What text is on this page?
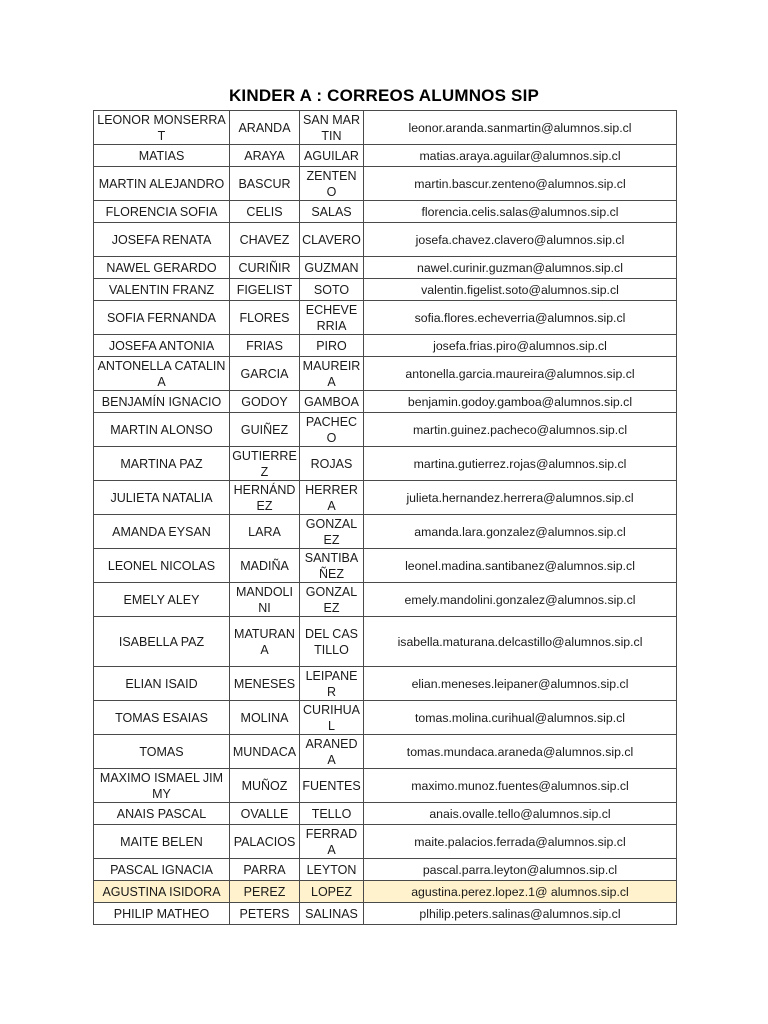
KINDER A : CORREOS ALUMNOS SIP
LEONOR MONSERRAT	ARANDA	SAN MARTIN	leonor.aranda.sanmartin@alumnos.sip.cl
MATIAS	ARAYA	AGUILAR	matias.araya.aguilar@alumnos.sip.cl
MARTIN ALEJANDRO	BASCUR	ZENTENO	martin.bascur.zenteno@alumnos.sip.cl
FLORENCIA SOFIA	CELIS	SALAS	florencia.celis.salas@alumnos.sip.cl
JOSEFA RENATA	CHAVEZ	CLAVERO	josefa.chavez.clavero@alumnos.sip.cl
NAWEL GERARDO	CURIÑIR	GUZMAN	nawel.curinir.guzman@alumnos.sip.cl
VALENTIN FRANZ	FIGELIST	SOTO	valentin.figelist.soto@alumnos.sip.cl
SOFIA FERNANDA	FLORES	ECHEVERRIA	sofia.flores.echeverria@alumnos.sip.cl
JOSEFA ANTONIA	FRIAS	PIRO	josefa.frias.piro@alumnos.sip.cl
ANTONELLA CATALINA	GARCIA	MAUREIRA	antonella.garcia.maureira@alumnos.sip.cl
BENJAMÍN IGNACIO	GODOY	GAMBOA	benjamin.godoy.gamboa@alumnos.sip.cl
MARTIN ALONSO	GUIÑEZ	PACHECO	martin.guinez.pacheco@alumnos.sip.cl
MARTINA PAZ	GUTIERREZ	ROJAS	martina.gutierrez.rojas@alumnos.sip.cl
JULIETA NATALIA	HERNÁNDEZ	HERRERA	julieta.hernandez.herrera@alumnos.sip.cl
AMANDA EYSAN	LARA	GONZALEZ	amanda.lara.gonzalez@alumnos.sip.cl
LEONEL NICOLAS	MADIÑA	SANTIBAÑEZ	leonel.madina.santibanez@alumnos.sip.cl
EMELY ALEY	MANDOLINI	GONZALEZ	emely.mandolini.gonzalez@alumnos.sip.cl
ISABELLA PAZ	MATURANA	DEL CASTILLO	isabella.maturana.delcastillo@alumnos.sip.cl
ELIAN ISAID	MENESES	LEIPANER	elian.meneses.leipaner@alumnos.sip.cl
TOMAS ESAIAS	MOLINA	CURIHUAL	tomas.molina.curihual@alumnos.sip.cl
TOMAS	MUNDACA	ARANEDA	tomas.mundaca.araneda@alumnos.sip.cl
MAXIMO ISMAEL JIMMY	MUÑOZ	FUENTES	maximo.munoz.fuentes@alumnos.sip.cl
ANAIS PASCAL	OVALLE	TELLO	anais.ovalle.tello@alumnos.sip.cl
MAITE BELEN	PALACIOS	FERRADA	maite.palacios.ferrada@alumnos.sip.cl
PASCAL IGNACIA	PARRA	LEYTON	pascal.parra.leyton@alumnos.sip.cl
AGUSTINA ISIDORA	PEREZ	LOPEZ	agustina.perez.lopez.1@ alumnos.sip.cl
PHILIP MATHEO	PETERS	SALINAS	plhilip.peters.salinas@alumnos.sip.cl
